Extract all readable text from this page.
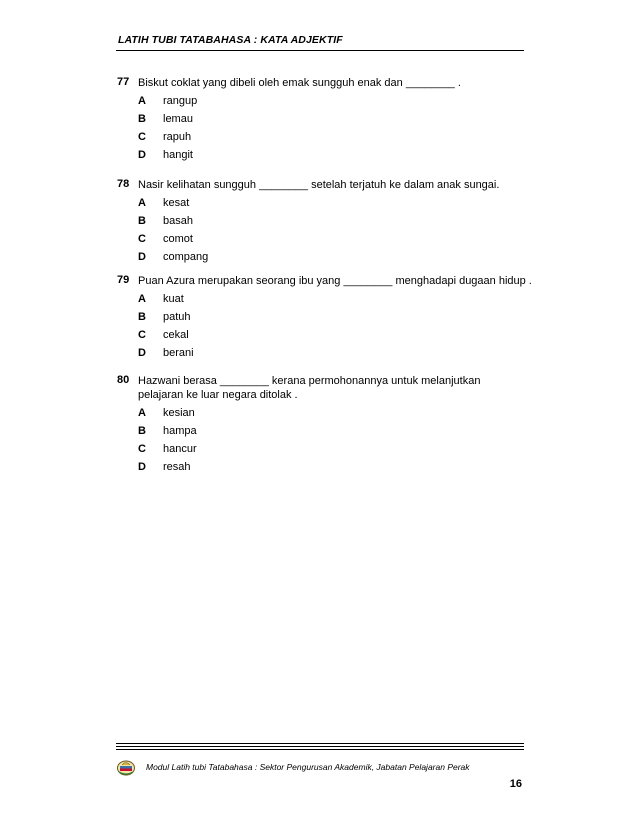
LATIH TUBI TATABAHASA : KATA ADJEKTIF
77 Biskut coklat yang dibeli oleh emak sungguh enak dan ________ .
A	rangup
B	lemau
C	rapuh
D	hangit
78 Nasir kelihatan sungguh ________ setelah terjatuh ke dalam anak sungai.
A	kesat
B	basah
C	comot
D	compang
79 Puan Azura merupakan seorang ibu yang ________ menghadapi dugaan hidup .
A	kuat
B	patuh
C	cekal
D	berani
80 Hazwani berasa ________ kerana permohonannya untuk melanjutkan pelajaran ke luar negara ditolak .
A	kesian
B	hampa
C	hancur
D	resah
Modul Latih tubi Tatabahasa : Sektor Pengurusan Akademik, Jabatan Pelajaran Perak
16
